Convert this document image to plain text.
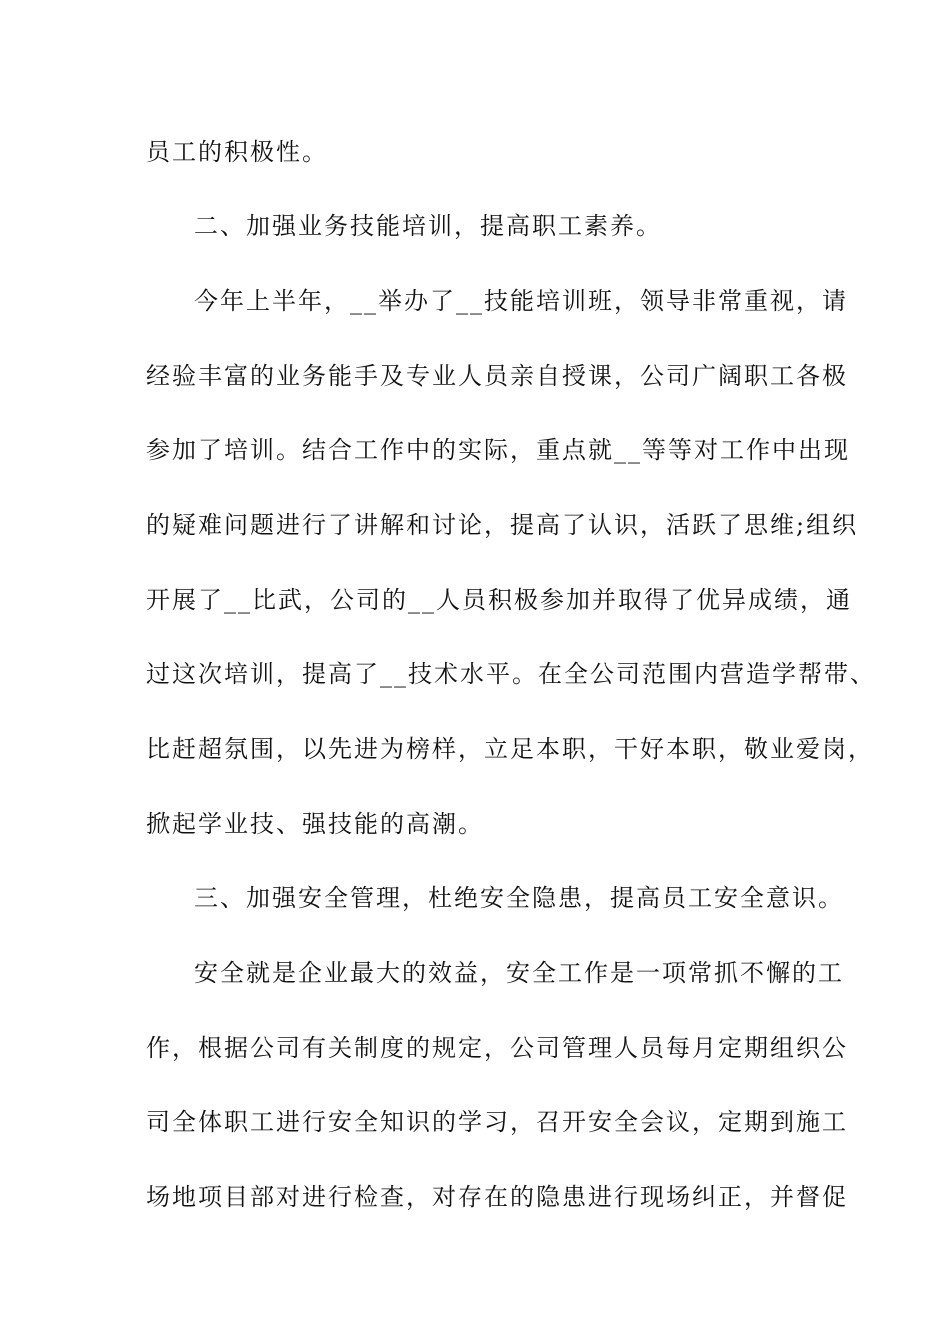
员工的积极性。
二、加强业务技能培训，提高职工素养。
今年上半年，__举办了__技能培训班，领导非常重视，请
经验丰富的业务能手及专业人员亲自授课，公司广阔职工各极
参加了培训。结合工作中的实际，重点就__等等对工作中出现
的疑难问题进行了讲解和讨论，提高了认识，活跃了思维;组织
开展了__比武，公司的__人员积极参加并取得了优异成绩，通
过这次培训，提高了__技术水平。在全公司范围内营造学帮带、
比赶超氛围，以先进为榜样，立足本职，干好本职，敬业爱岗，
掀起学业技、强技能的高潮。
三、加强安全管理，杜绝安全隐患，提高员工安全意识。
安全就是企业最大的效益，安全工作是一项常抓不懈的工
作，根据公司有关制度的规定，公司管理人员每月定期组织公
司全体职工进行安全知识的学习，召开安全会议，定期到施工
场地项目部对进行检查，对存在的隐患进行现场纠正，并督促
